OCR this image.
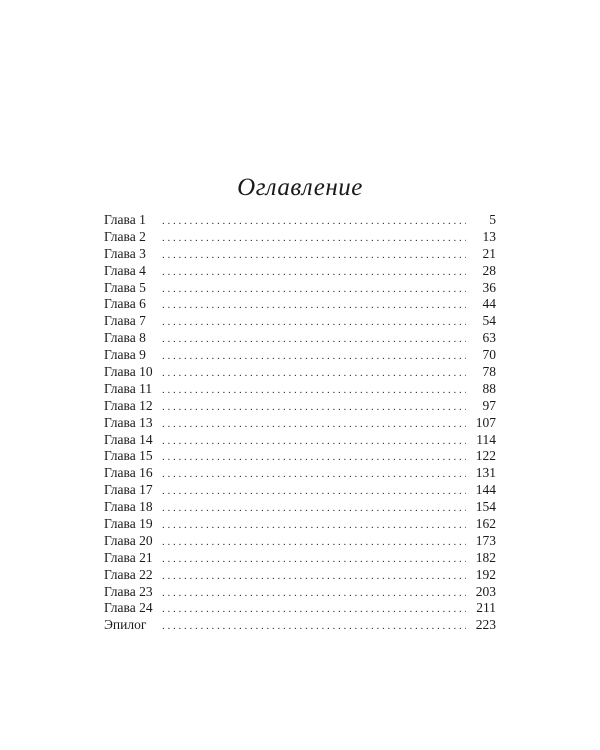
Оглавление
Глава 1 . . .	5
Глава 2 . . .	13
Глава 3 . . .	21
Глава 4 . . .	28
Глава 5 . . .	36
Глава 6 . . .	44
Глава 7 . . .	54
Глава 8 . . .	63
Глава 9 . . .	70
Глава 10 . . .	78
Глава 11 . . .	88
Глава 12 . . .	97
Глава 13 . . .	107
Глава 14 . . .	114
Глава 15 . . .	122
Глава 16 . . .	131
Глава 17 . . .	144
Глава 18 . . .	154
Глава 19 . . .	162
Глава 20 . . .	173
Глава 21 . . .	182
Глава 22 . . .	192
Глава 23 . . .	203
Глава 24 . . .	211
Эпилог . . .	223
